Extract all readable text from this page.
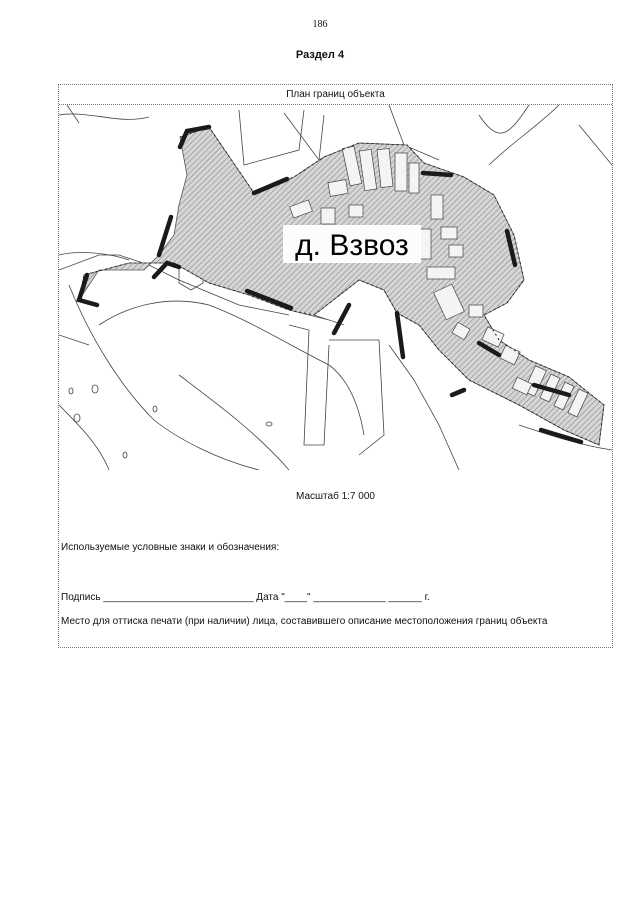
186
Раздел 4
План границ объекта
д. Взвоз
Масштаб 1:7 000
Используемые условные знаки и обозначения:
Подпись ___________________________ Дата "____" _____________ ______ г.
Место для оттиска печати (при наличии) лица, составившего описание местоположения границ объекта
